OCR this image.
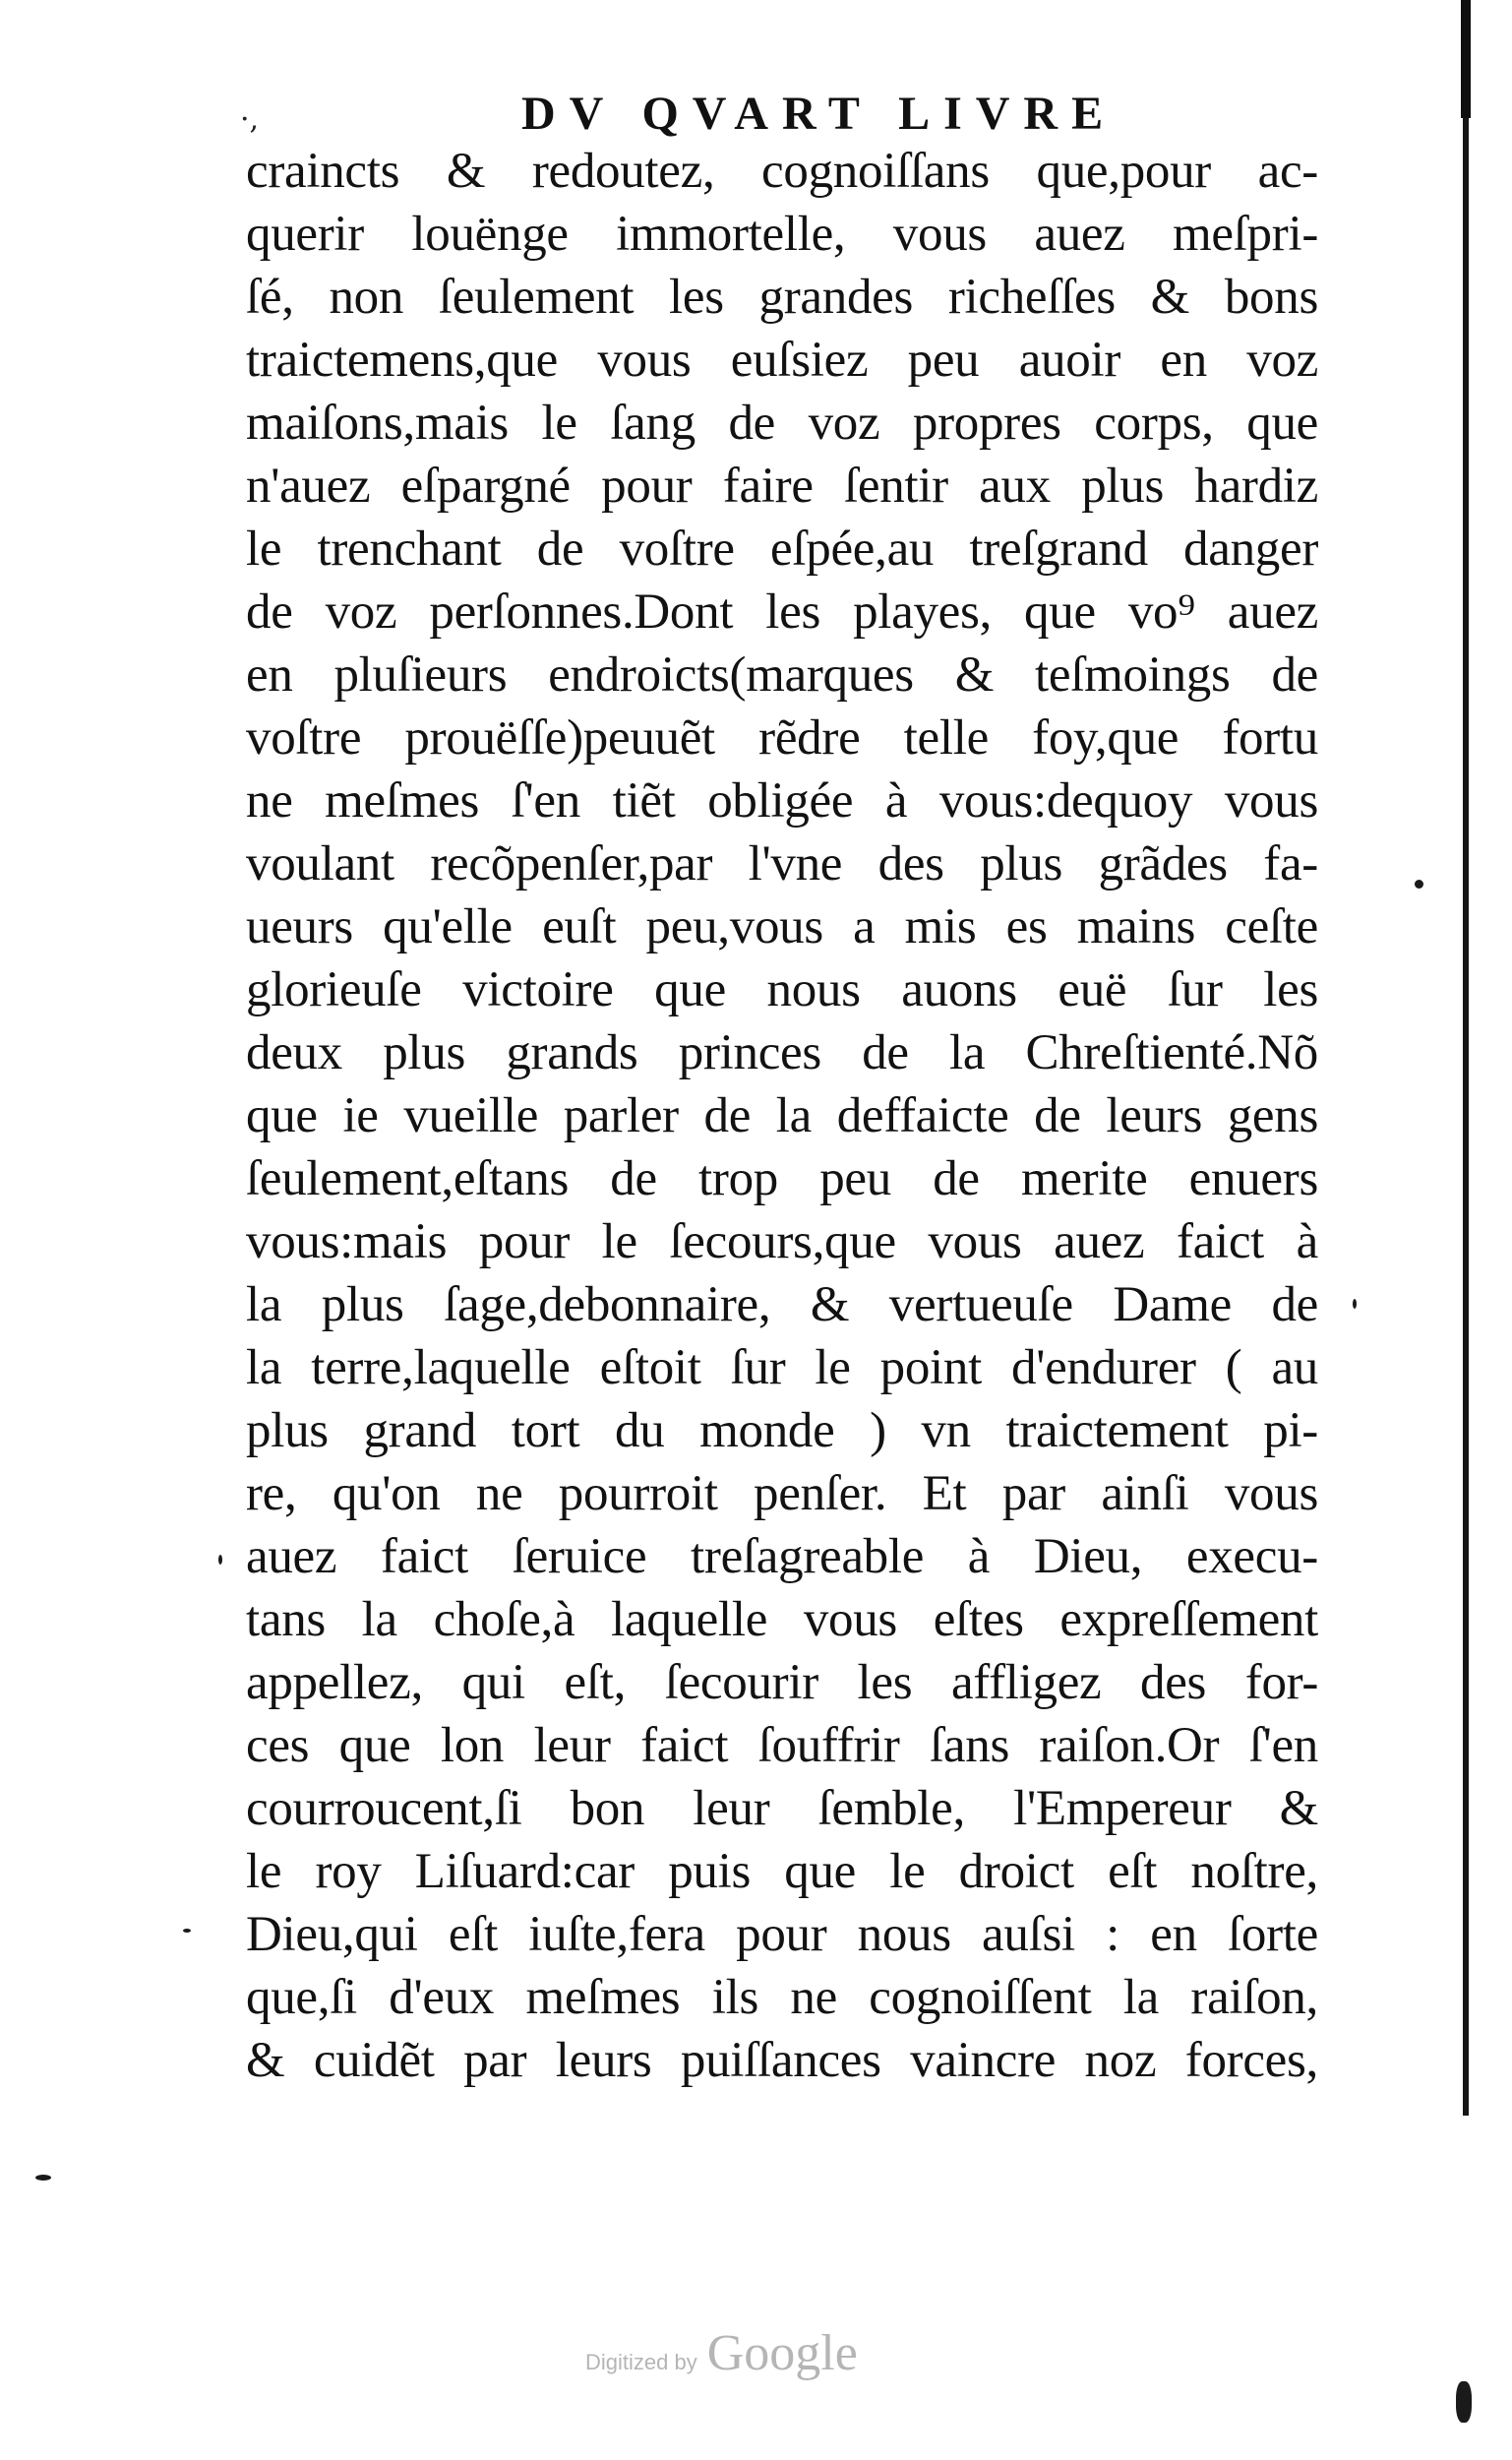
·,	DV QVART LIVRE
craincts & redoutez, cognoiſſans que,pour ac-
querir louënge immortelle, vous auez meſpri-
ſé, non ſeulement les grandes richeſſes & bons
traictemens,que vous euſsiez peu auoir en voz
maiſons,mais le ſang de voz propres corps, que
n'auez eſpargné pour faire ſentir aux plus hardiz
le trenchant de voſtre eſpée,au treſgrand danger
de voz perſonnes.Dont les playes, que vo⁹ auez
en pluſieurs endroicts(marques & teſmoings de
voſtre prouëſſe)peuuẽt rẽdre telle foy,que fortu
ne meſmes ſ'en tiẽt obligée à vous:dequoy vous
voulant recõpenſer,par l'vne des plus grãdes fa-
ueurs qu'elle euſt peu,vous a mis es mains ceſte
glorieuſe victoire que nous auons euë ſur les
deux plus grands princes de la Chreſtienté.Nõ
que ie vueille parler de la deffaicte de leurs gens
ſeulement,eſtans de trop peu de merite enuers
vous:mais pour le ſecours,que vous auez faict à
la plus ſage,debonnaire, & vertueuſe Dame de
la terre,laquelle eſtoit ſur le point d'endurer ( au
plus grand tort du monde ) vn traictement pi-
re, qu'on ne pourroit penſer. Et par ainſi vous
auez faict ſeruice treſagreable à Dieu, execu-
tans la choſe,à laquelle vous eſtes expreſſement
appellez, qui eſt, ſecourir les affligez des for-
ces que lon leur faict ſouffrir ſans raiſon.Or ſ'en
courroucent,ſi bon leur ſemble, l'Empereur &
le roy Liſuard:car puis que le droict eſt noſtre,
Dieu,qui eſt iuſte,fera pour nous auſsi : en ſorte
que,ſi d'eux meſmes ils ne cognoiſſent la raiſon,
& cuidẽt par leurs puiſſances vaincre noz forces,
Digitized by Google
